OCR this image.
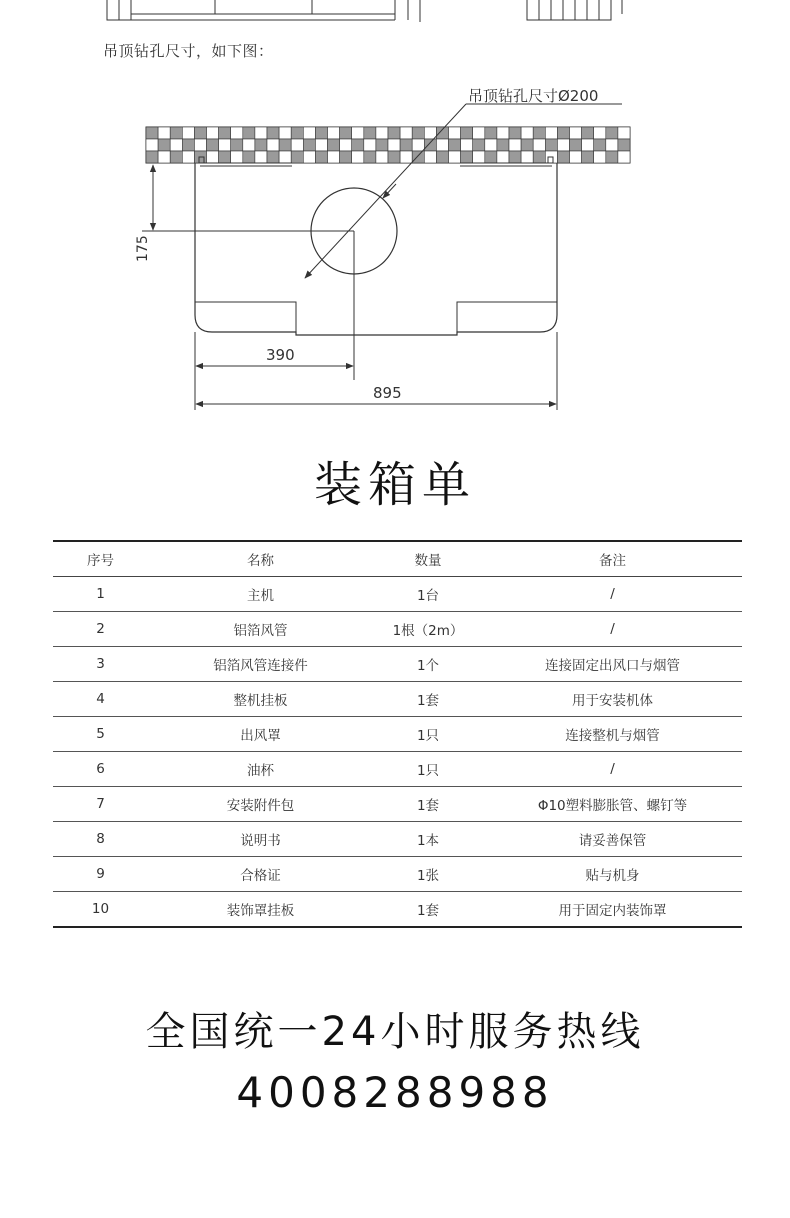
吊顶钻孔尺寸，如下图：
吊顶钻孔尺寸Ø200
175
390
895
装箱单
序号	名称	数量	备注
1	主机	1台	/
2	铝箔风管	1根（2m）	/
3	铝箔风管连接件	1个	连接固定出风口与烟管
4	整机挂板	1套	用于安装机体
5	出风罩	1只	连接整机与烟管
6	油杯	1只	/
7	安装附件包	1套	Φ10塑料膨胀管、螺钉等
8	说明书	1本	请妥善保管
9	合格证	1张	贴与机身
10	装饰罩挂板	1套	用于固定内装饰罩
全国统一24小时服务热线
4008288988
